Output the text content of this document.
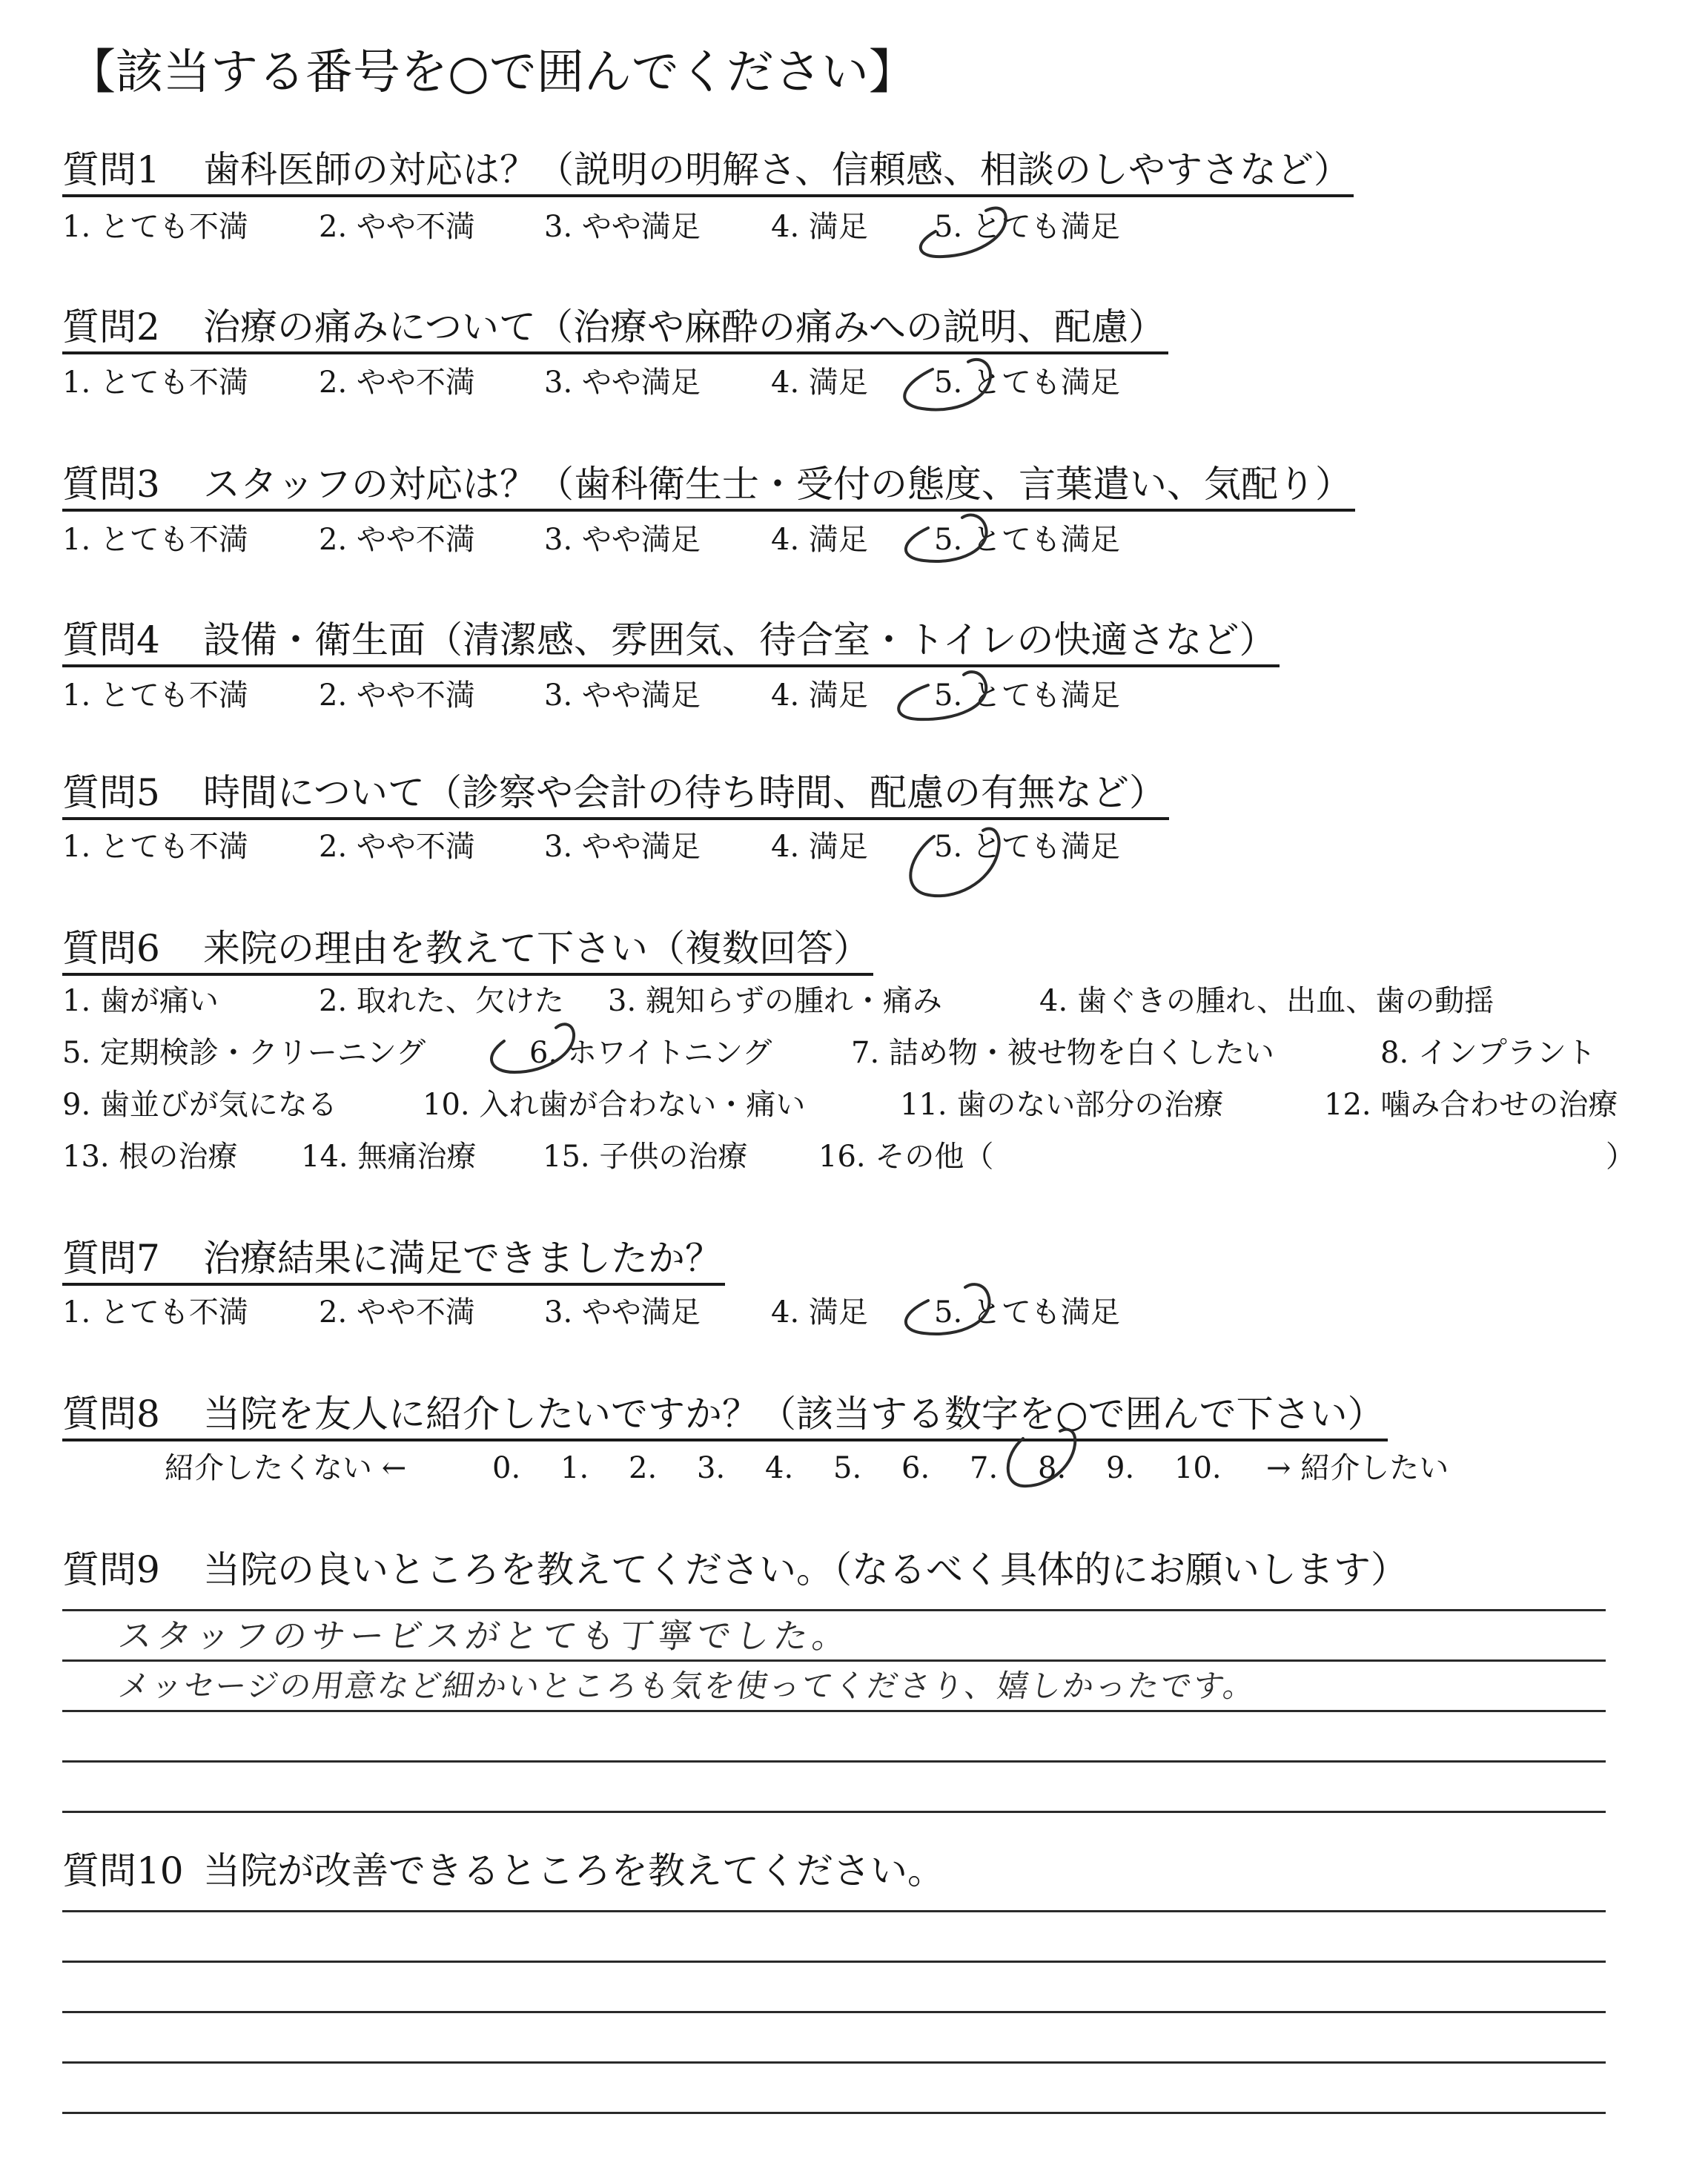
【該当する番号を○で囲んでください】
質問1 歯科医師の対応は？（説明の明解さ、信頼感、相談のしやすさなど）
1. とても不満 2. やや不満 3. やや満足 4. 満足 5. とても満足
質問2 治療の痛みについて（治療や麻酔の痛みへの説明、配慮）
1. とても不満 2. やや不満 3. やや満足 4. 満足 5. とても満足
質問3 スタッフの対応は？（歯科衛生士・受付の態度、言葉遣い、気配り）
1. とても不満 2. やや不満 3. やや満足 4. 満足 5. とても満足
質問4 設備・衛生面（清潔感、雰囲気、待合室・トイレの快適さなど）
1. とても不満 2. やや不満 3. やや満足 4. 満足 5. とても満足
質問5 時間について（診察や会計の待ち時間、配慮の有無など）
1. とても不満 2. やや不満 3. やや満足 4. 満足 5. とても満足
質問6 来院の理由を教えて下さい（複数回答）
1. 歯が痛い	2. 取れた、欠けた 3. 親知らずの腫れ・痛み	4. 歯ぐきの腫れ、出血、歯の動揺
5. 定期検診・クリーニング	6. ホワイトニング	7. 詰め物・被せ物を白くしたい	8. インプラント
9. 歯並びが気になる	10. 入れ歯が合わない・痛い	11. 歯のない部分の治療	12. 噛み合わせの治療
13. 根の治療 14. 無痛治療 15. 子供の治療 16. その他（	）
質問7 治療結果に満足できましたか？
1. とても不満 2. やや不満 3. やや満足 4. 満足 5. とても満足
質問8 当院を友人に紹介したいですか？（該当する数字を○で囲んで下さい）
紹介したくない ←	0. 1. 2. 3. 4. 5. 6. 7. 8. 9. 10. → 紹介したい
質問9 当院の良いところを教えてください。（なるべく具体的にお願いします）
スタッフのサービスがとても丁寧でした。
メッセージの用意など細かいところも気を使ってくださり、嬉しかったです。
質問10 当院が改善できるところを教えてください。
